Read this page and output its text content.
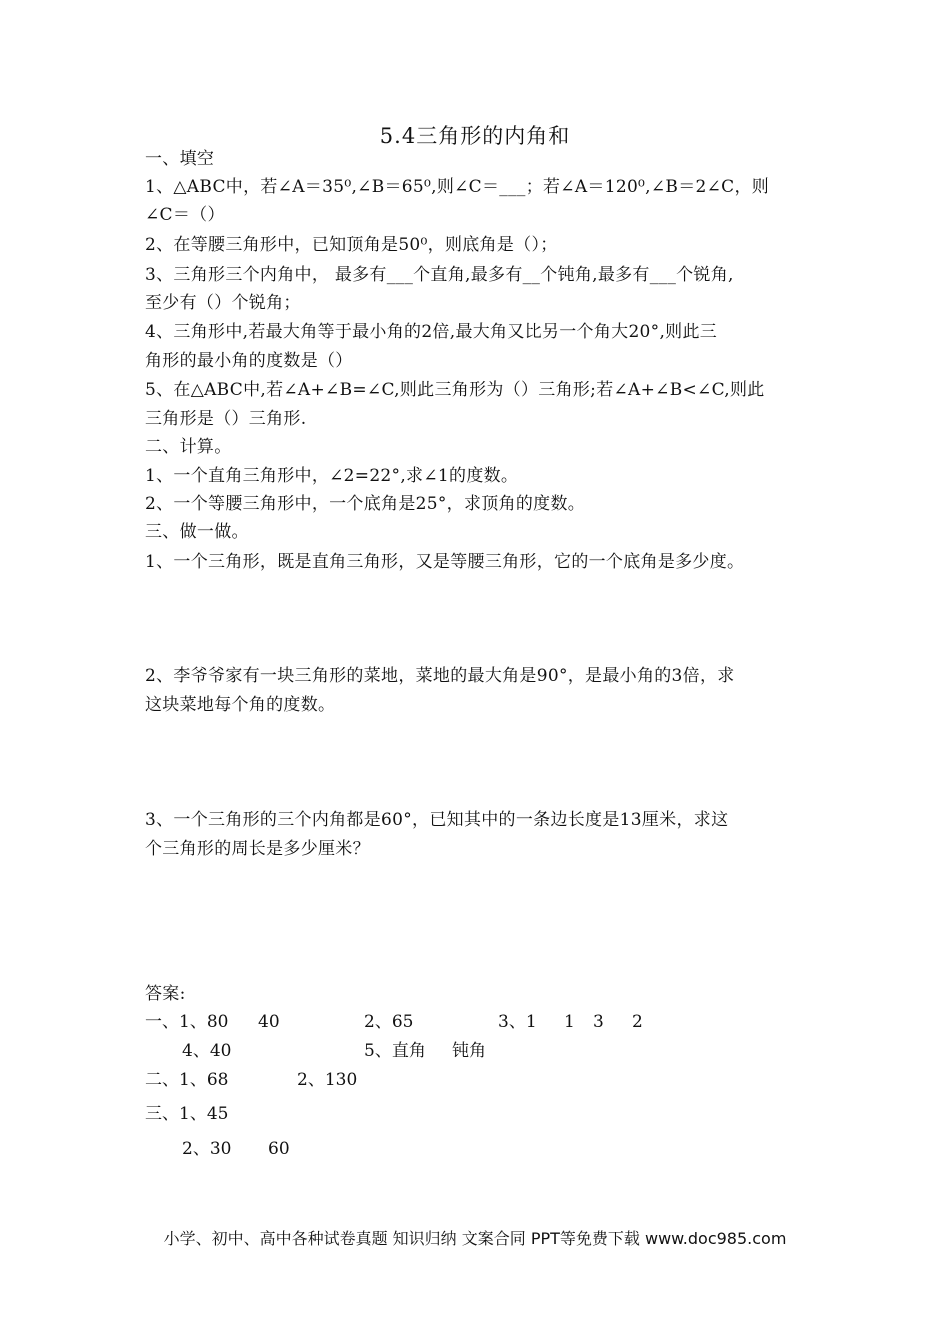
5.4三角形的内角和
一、填空
1、△ABC中，若∠A＝35⁰,∠B＝65⁰,则∠C＝___；若∠A＝120⁰,∠B＝2∠C，则
∠C＝（）
2、在等腰三角形中，已知顶角是50⁰，则底角是（）；
3、三角形三个内角中， 最多有___个直角,最多有__个钝角,最多有___个锐角,
至少有（）个锐角；
4、三角形中,若最大角等于最小角的2倍,最大角又比另一个角大20°,则此三
角形的最小角的度数是（）
5、在△ABC中,若∠A+∠B=∠C,则此三角形为（）三角形;若∠A+∠B<∠C,则此
三角形是（）三角形.
二、计算。
1、一个直角三角形中，∠2=22°,求∠1的度数。
2、一个等腰三角形中，一个底角是25°，求顶角的度数。
三、做一做。
1、一个三角形，既是直角三角形，又是等腰三角形，它的一个底角是多少度。
2、李爷爷家有一块三角形的菜地，菜地的最大角是90°，是最小角的3倍，求
这块菜地每个角的度数。
3、一个三角形的三个内角都是60°，已知其中的一条边长度是13厘米，求这
个三角形的周长是多少厘米？
答案:
一、1、80 40	2、65	3、1 1 3 2
4、40	5、直角 钝角
二、1、68	2、130
三、1、45
2、30 60
小学、初中、高中各种试卷真题 知识归纳 文案合同 PPT等免费下载 www.doc985.com
